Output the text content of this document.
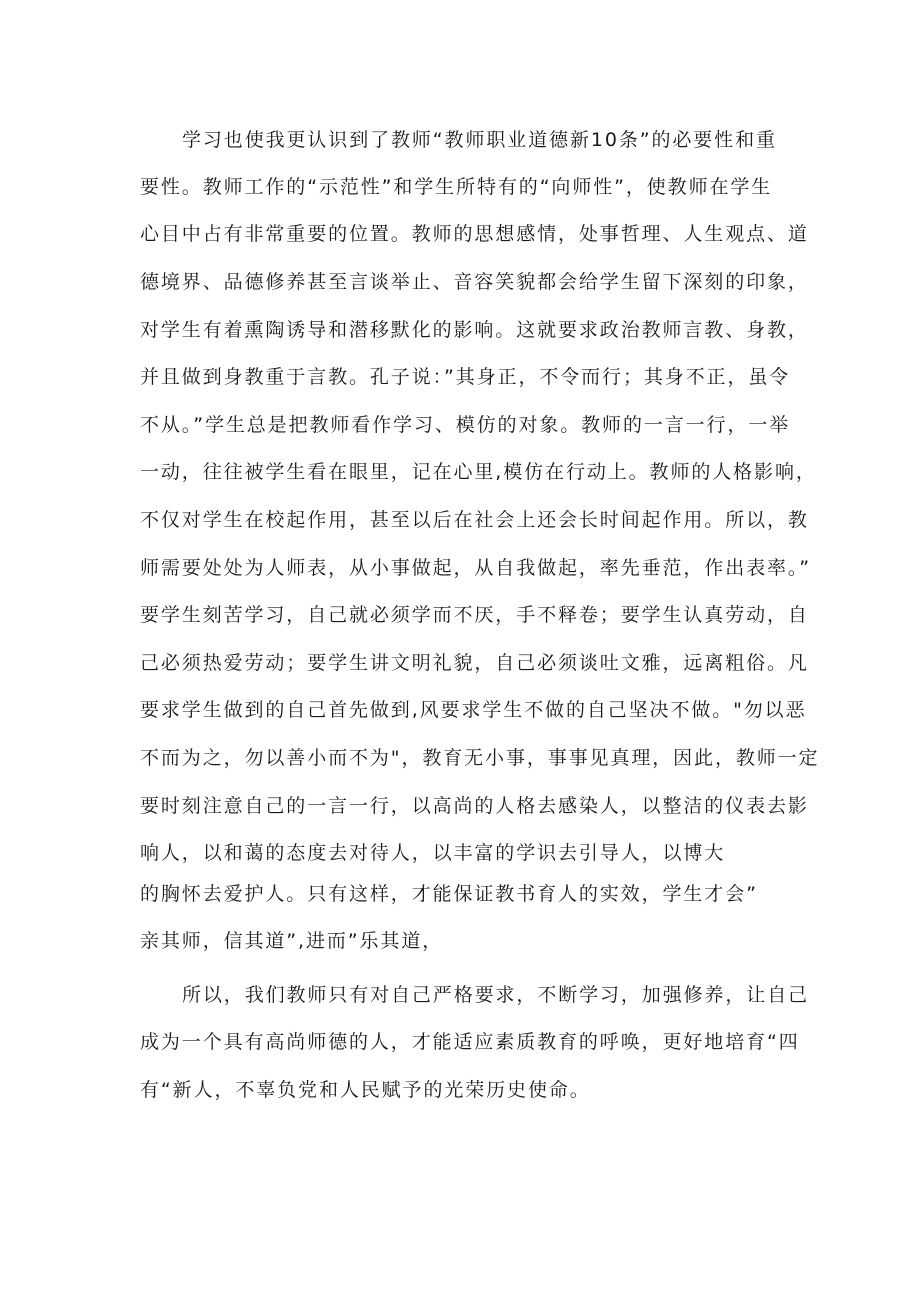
学习也使我更认识到了教师“教师职业道德新10条”的必要性和重
要性。教师工作的“示范性”和学生所特有的“向师性”，使教师在学生
心目中占有非常重要的位置。教师的思想感情，处事哲理、人生观点、道
德境界、品德修养甚至言谈举止、音容笑貌都会给学生留下深刻的印象，
对学生有着熏陶诱导和潜移默化的影响。这就要求政治教师言教、身教，
并且做到身教重于言教。孔子说：”其身正，不令而行；其身不正，虽令
不从。”学生总是把教师看作学习、模仿的对象。教师的一言一行，一举
一动，往往被学生看在眼里，记在心里,模仿在行动上。教师的人格影响，
不仅对学生在校起作用，甚至以后在社会上还会长时间起作用。所以，教
师需要处处为人师表，从小事做起，从自我做起，率先垂范，作出表率。”
要学生刻苦学习，自己就必须学而不厌，手不释卷；要学生认真劳动，自
己必须热爱劳动；要学生讲文明礼貌，自己必须谈吐文雅，远离粗俗。凡
要求学生做到的自己首先做到,风要求学生不做的自己坚决不做。"勿以恶
不而为之，勿以善小而不为"，教育无小事，事事见真理，因此，教师一定
要时刻注意自己的一言一行，以高尚的人格去感染人，以整洁的仪表去影
响人，以和蔼的态度去对待人，以丰富的学识去引导人，以博大
的胸怀去爱护人。只有这样，才能保证教书育人的实效，学生才会”
亲其师，信其道”,进而”乐其道，
所以，我们教师只有对自己严格要求，不断学习，加强修养，让自己
成为一个具有高尚师德的人，才能适应素质教育的呼唤，更好地培育“四
有“新人，不辜负党和人民赋予的光荣历史使命。
